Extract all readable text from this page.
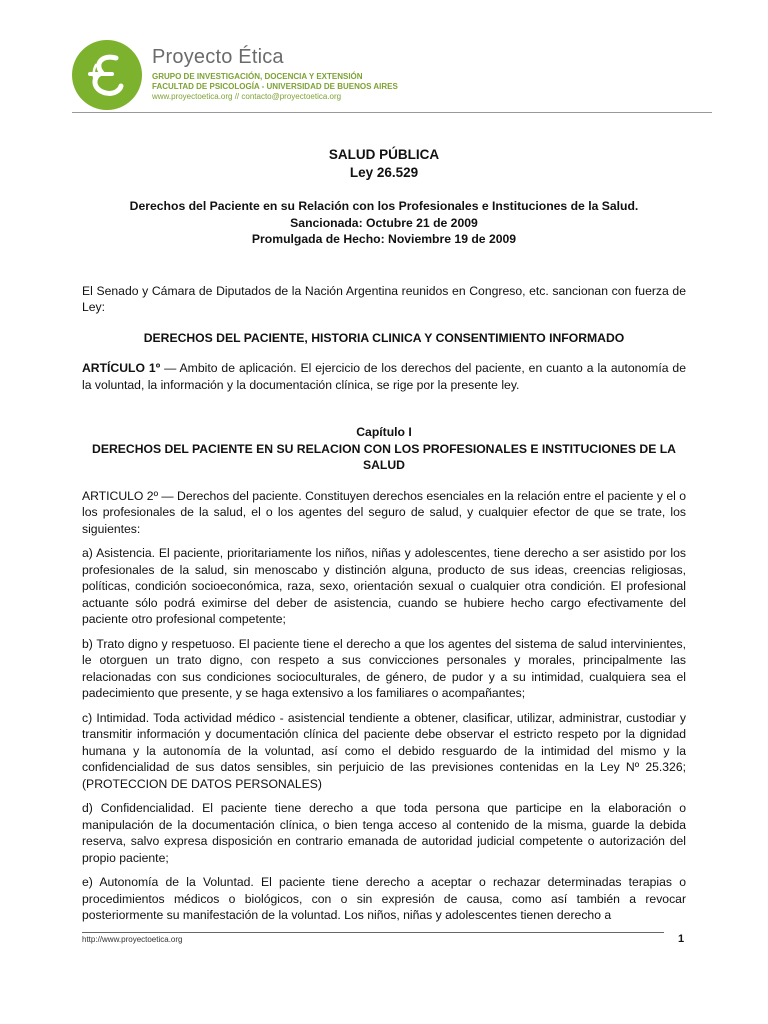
Proyecto Ética

GRUPO DE INVESTIGACIÓN, DOCENCIA Y EXTENSIÓN

FACULTAD DE PSICOLOGÍA - UNIVERSIDAD DE BUENOS AIRES

www.proyectoetica.org // contacto@proyectoetica.org

SALUD PÚBLICA

Ley 26.529

Derechos del Paciente en su Relación con los Profesionales e Instituciones de la Salud.

Sancionada: Octubre 21 de 2009

Promulgada de Hecho: Noviembre 19 de 2009

El Senado y Cámara de Diputados de la Nación Argentina reunidos en Congreso, etc. sancionan con fuerza de Ley:

DERECHOS DEL PACIENTE, HISTORIA CLINICA Y CONSENTIMIENTO INFORMADO

ARTÍCULO 1º — Ambito de aplicación. El ejercicio de los derechos del paciente, en cuanto a la autonomía de la voluntad, la información y la documentación clínica, se rige por la presente ley.

Capítulo I

DERECHOS DEL PACIENTE EN SU RELACION CON LOS PROFESIONALES E INSTITUCIONES DE LA SALUD

ARTICULO 2º — Derechos del paciente. Constituyen derechos esenciales en la relación entre el paciente y el o los profesionales de la salud, el o los agentes del seguro de salud, y cualquier efector de que se trate, los siguientes:

a) Asistencia. El paciente, prioritariamente los niños, niñas y adolescentes, tiene derecho a ser asistido por los profesionales de la salud, sin menoscabo y distinción alguna, producto de sus ideas, creencias religiosas, políticas, condición socioeconómica, raza, sexo, orientación sexual o cualquier otra condición. El profesional actuante sólo podrá eximirse del deber de asistencia, cuando se hubiere hecho cargo efectivamente del paciente otro profesional competente;

b) Trato digno y respetuoso. El paciente tiene el derecho a que los agentes del sistema de salud intervinientes, le otorguen un trato digno, con respeto a sus convicciones personales y morales, principalmente las relacionadas con sus condiciones socioculturales, de género, de pudor y a su intimidad, cualquiera sea el padecimiento que presente, y se haga extensivo a los familiares o acompañantes;

c) Intimidad. Toda actividad médico - asistencial tendiente a obtener, clasificar, utilizar, administrar, custodiar y transmitir información y documentación clínica del paciente debe observar el estricto respeto por la dignidad humana y la autonomía de la voluntad, así como el debido resguardo de la intimidad del mismo y la confidencialidad de sus datos sensibles, sin perjuicio de las previsiones contenidas en la Ley Nº 25.326; (PROTECCION DE DATOS PERSONALES)

d) Confidencialidad. El paciente tiene derecho a que toda persona que participe en la elaboración o manipulación de la documentación clínica, o bien tenga acceso al contenido de la misma, guarde la debida reserva, salvo expresa disposición en contrario emanada de autoridad judicial competente o autorización del propio paciente;

e) Autonomía de la Voluntad. El paciente tiene derecho a aceptar o rechazar determinadas terapias o procedimientos médicos o biológicos, con o sin expresión de causa, como así también a revocar posteriormente su manifestación de la voluntad. Los niños, niñas y adolescentes tienen derecho a

http://www.proyectoetica.org	1
